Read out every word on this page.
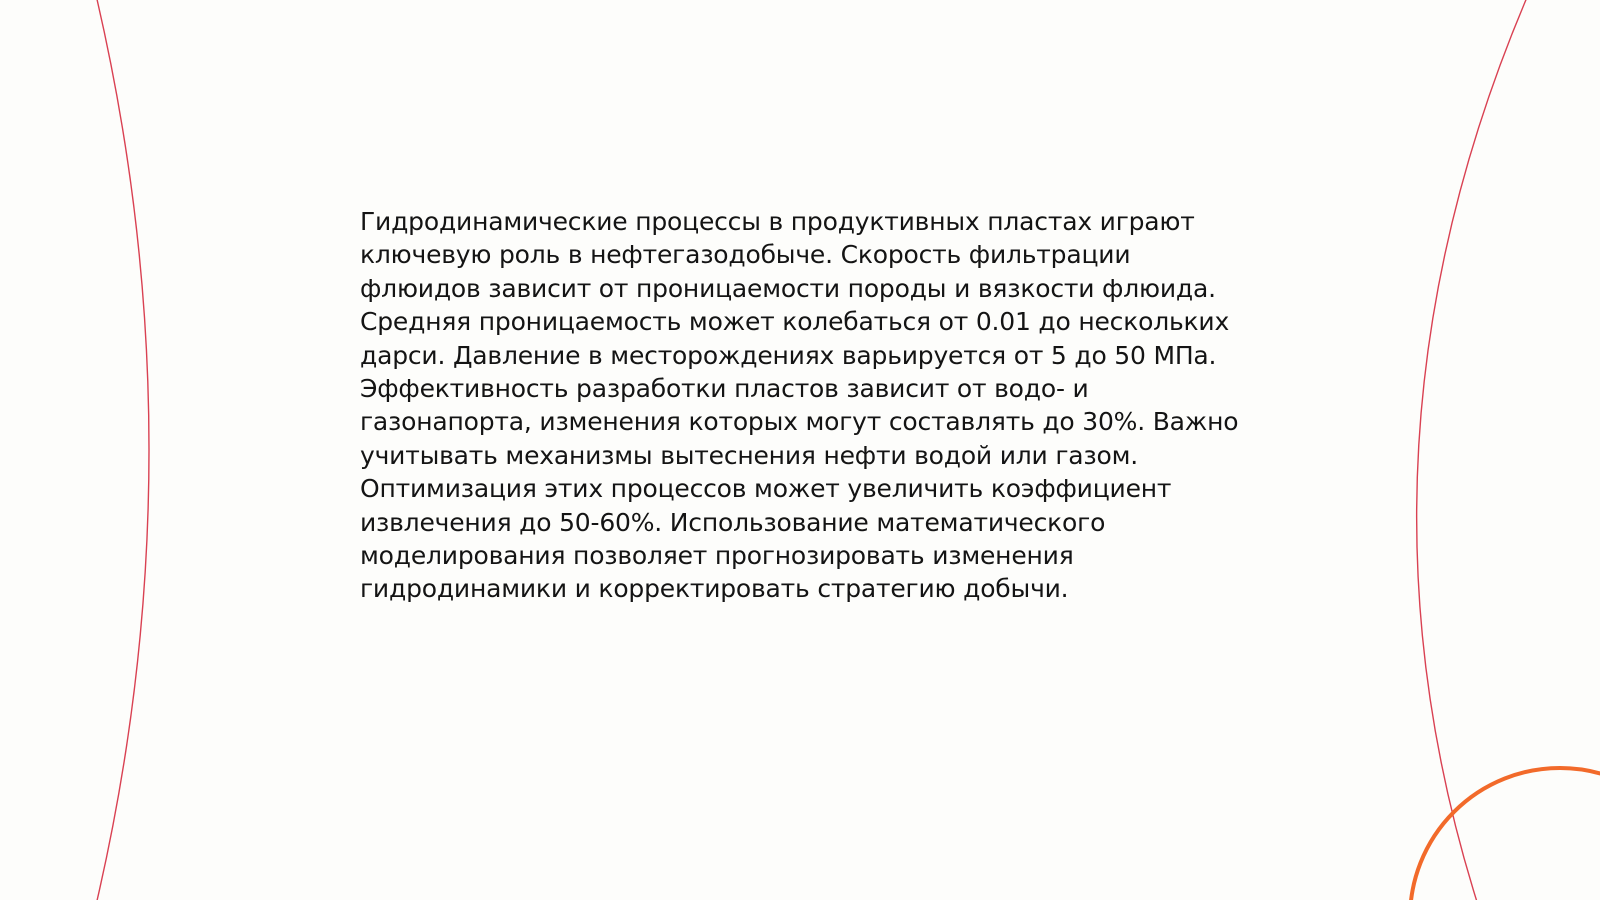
Гидродинамические процессы в продуктивных пластах играют ключевую роль в нефтегазодобыче. Скорость фильтрации флюидов зависит от проницаемости породы и вязкости флюида. Средняя проницаемость может колебаться от 0.01 до нескольких дарси. Давление в месторождениях варьируется от 5 до 50 МПа. Эффективность разработки пластов зависит от водо- и газонапорта, изменения которых могут составлять до 30%. Важно учитывать механизмы вытеснения нефти водой или газом. Оптимизация этих процессов может увеличить коэффициент извлечения до 50-60%. Использование математического моделирования позволяет прогнозировать изменения гидродинамики и корректировать стратегию добычи.
